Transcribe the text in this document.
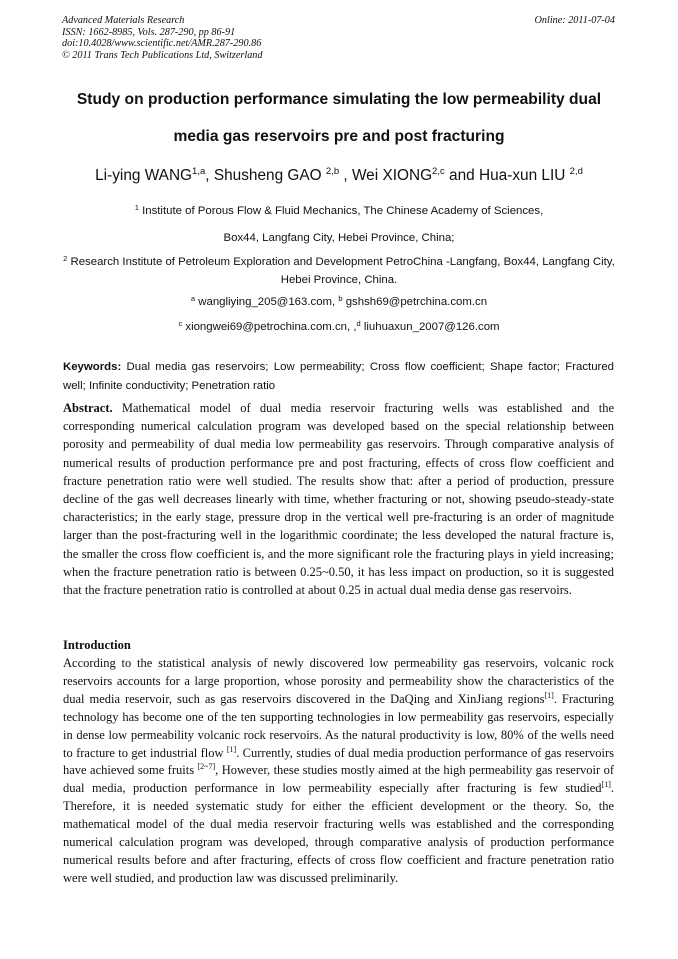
Advanced Materials Research
ISSN: 1662-8985, Vols. 287-290, pp 86-91
doi:10.4028/www.scientific.net/AMR.287-290.86
© 2011 Trans Tech Publications Ltd, Switzerland
Online: 2011-07-04
Study on production performance simulating the low permeability dual
media gas reservoirs pre and post fracturing
Li-ying WANG$^{1,a}$, Shusheng GAO $^{2,b}$ , Wei XIONG$^{2,c}$ and Hua-xun LIU $^{2,d}$
$^1$ Institute of Porous Flow & Fluid Mechanics, The Chinese Academy of Sciences,
Box44, Langfang City, Hebei Province, China;
$^2$ Research Institute of Petroleum Exploration and Development PetroChina -Langfang, Box44, Langfang City, Hebei Province, China.
$^a$ wangliying_205@163.com, $^b$ gshsh69@petrchina.com.cn
$^c$ xiongwei69@petrochina.com.cn, ,$^d$ liuhuaxun_2007@126.com
Keywords: Dual media gas reservoirs; Low permeability; Cross flow coefficient; Shape factor; Fractured well; Infinite conductivity; Penetration ratio
Abstract. Mathematical model of dual media reservoir fracturing wells was established and the corresponding numerical calculation program was developed based on the special relationship between porosity and permeability of dual media low permeability gas reservoirs. Through comparative analysis of numerical results of production performance pre and post fracturing, effects of cross flow coefficient and fracture penetration ratio were well studied. The results show that: after a period of production, pressure decline of the gas well decreases linearly with time, whether fracturing or not, showing pseudo-steady-state characteristics; in the early stage, pressure drop in the vertical well pre-fracturing is an order of magnitude larger than the post-fracturing well in the logarithmic coordinate; the less developed the natural fracture is, the smaller the cross flow coefficient is, and the more significant role the fracturing plays in yield increasing; when the fracture penetration ratio is between 0.25~0.50, it has less impact on production, so it is suggested that the fracture penetration ratio is controlled at about 0.25 in actual dual media dense gas reservoirs.
Introduction
According to the statistical analysis of newly discovered low permeability gas reservoirs, volcanic rock reservoirs accounts for a large proportion, whose porosity and permeability show the characteristics of the dual media reservoir, such as gas reservoirs discovered in the DaQing and XinJiang regions[1]. Fracturing technology has become one of the ten supporting technologies in low permeability gas reservoirs, especially in dense low permeability volcanic rock reservoirs. As the natural productivity is low, 80% of the wells need to fracture to get industrial flow [1]. Currently, studies of dual media production performance of gas reservoirs have achieved some fruits [2~7], However, these studies mostly aimed at the high permeability gas reservoir of dual media, production performance in low permeability especially after fracturing is few studied[1]. Therefore, it is needed systematic study for either the efficient development or the theory. So, the mathematical model of the dual media reservoir fracturing wells was established and the corresponding numerical calculation program was developed, through comparative analysis of production performance numerical results before and after fracturing, effects of cross flow coefficient and fracture penetration ratio were well studied, and production law was discussed preliminarily.
